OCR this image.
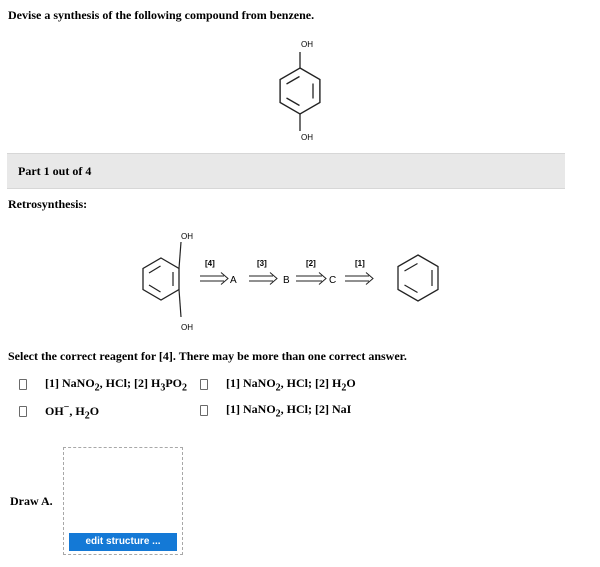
Devise a synthesis of the following compound from benzene.
OH
OH
Part 1 out of 4
Retrosynthesis:
OH
OH
[4]
A
[3]
B
[2]
C
[1]
Select the correct reagent for [4]. There may be more than one correct answer.
[1] NaNO$_2$, HCl; [2] $H_3PO_2$	[1] NaNO$_2$, HCl; [2] $H_2O$
OH−, $H_2O$	[1] NaNO$_2$, HCl; [2] NaI
Draw A.
edit structure ...
